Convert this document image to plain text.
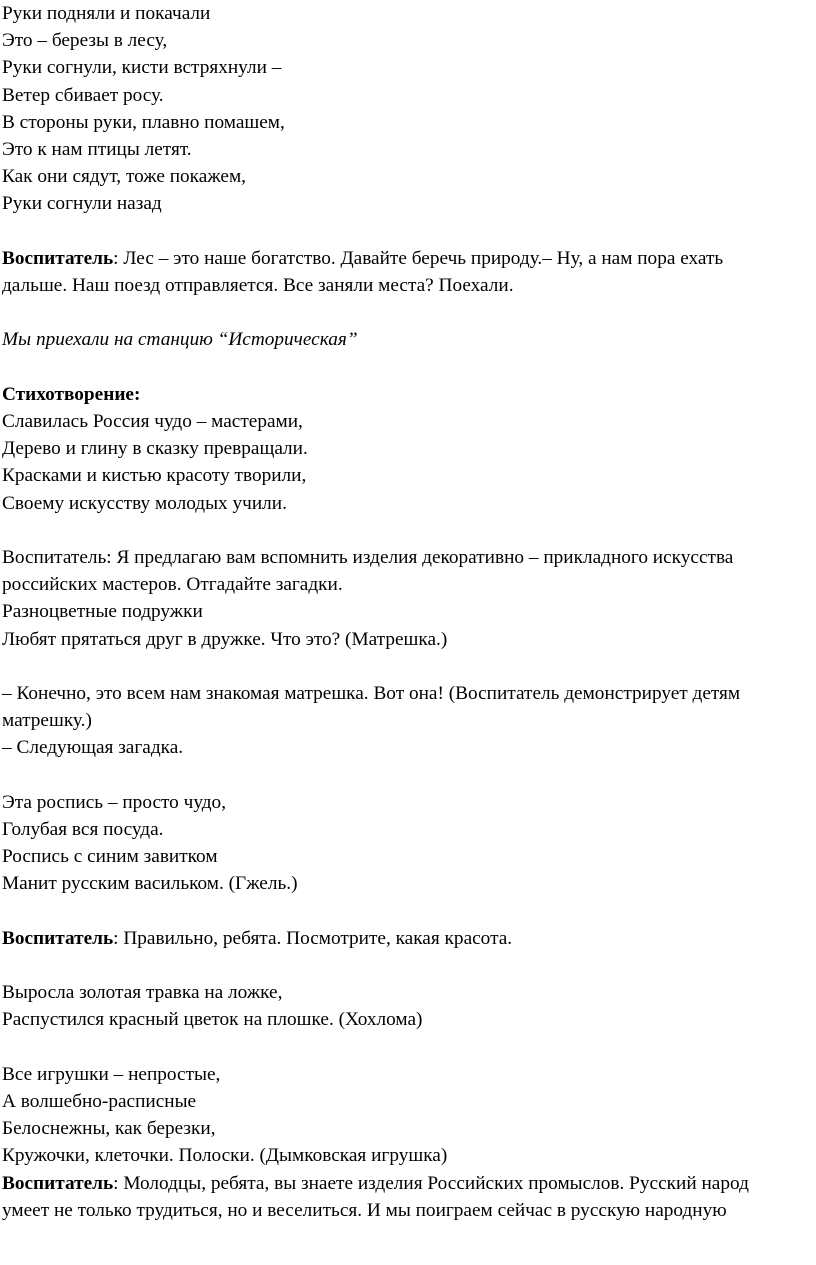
Руки подняли и покачали
Это – березы в лесу,
Руки согнули, кисти встряхнули –
Ветер сбивает росу.
В стороны руки, плавно помашем,
Это к нам птицы летят.
Как они сядут, тоже покажем,
Руки согнули назад
Воспитатель: Лес – это наше богатство. Давайте беречь природу.– Ну, а нам пора ехать
дальше. Наш поезд отправляется. Все заняли места? Поехали.
Мы приехали на станцию “Историческая”
Стихотворение:
Славилась Россия чудо – мастерами,
Дерево и глину в сказку превращали.
Красками и кистью красоту творили,
Своему искусству молодых учили.
Воспитатель: Я предлагаю вам вспомнить изделия декоративно – прикладного искусства
российских мастеров. Отгадайте загадки.
Разноцветные подружки
Любят прятаться друг в дружке. Что это? (Матрешка.)
– Конечно, это всем нам знакомая матрешка. Вот она! (Воспитатель демонстрирует детям
матрешку.)
– Следующая загадка.
Эта роспись – просто чудо,
Голубая вся посуда.
Роспись с синим завитком
Манит русским васильком. (Гжель.)
Воспитатель: Правильно, ребята. Посмотрите, какая красота.
Выросла золотая травка на ложке,
Распустился красный цветок на плошке. (Хохлома)
Все игрушки – непростые,
А волшебно-расписные
Белоснежны, как березки,
Кружочки, клеточки. Полоски. (Дымковская игрушка)
Воспитатель: Молодцы, ребята, вы знаете изделия Российских промыслов. Русский народ
умеет не только трудиться, но и веселиться. И мы поиграем сейчас в русскую народную
